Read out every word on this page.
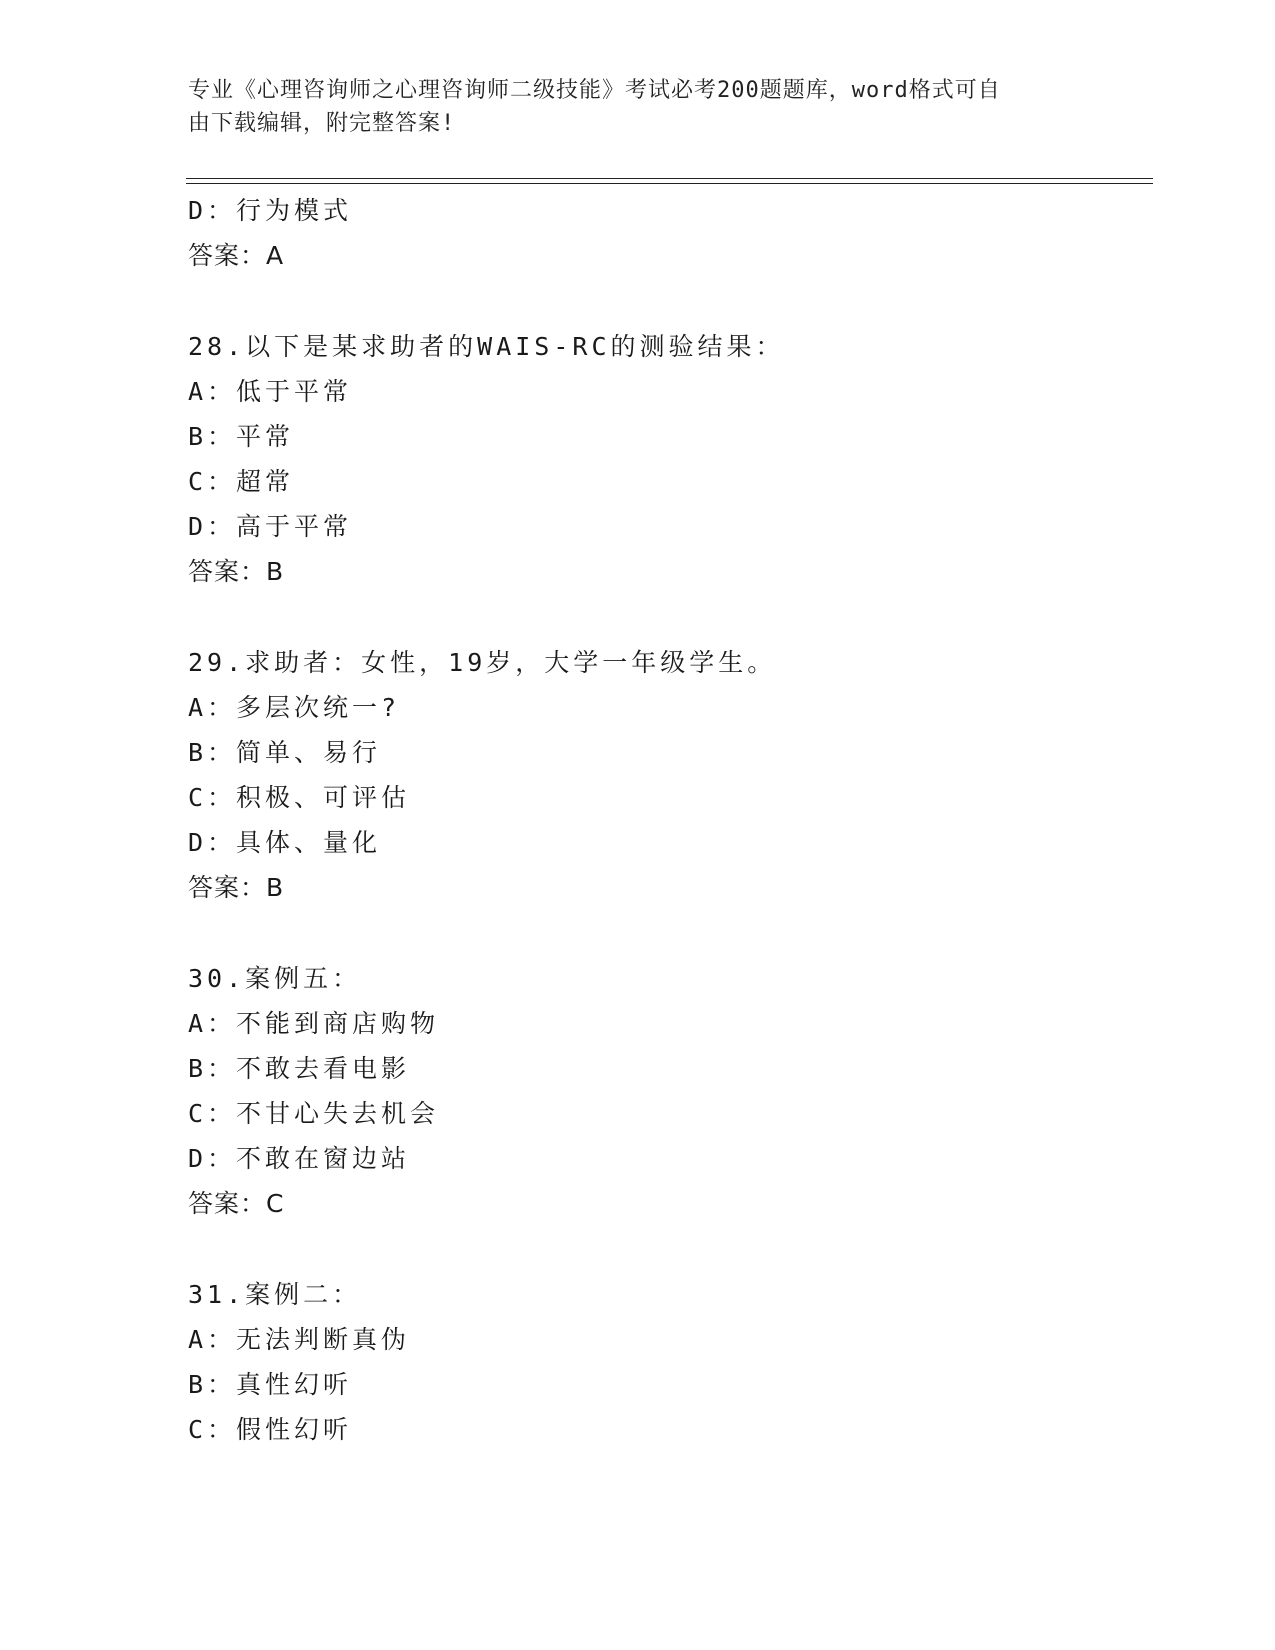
专业《心理咨询师之心理咨询师二级技能》考试必考200题题库，word格式可自
由下载编辑，附完整答案!
D：行为模式
答案：A
28.以下是某求助者的WAIS-RC的测验结果：
A：低于平常
B：平常
C：超常
D：高于平常
答案：B
29.求助者：女性，19岁，大学一年级学生。
A：多层次统一?
B：简单、易行
C：积极、可评估
D：具体、量化
答案：B
30.案例五：
A：不能到商店购物
B：不敢去看电影
C：不甘心失去机会
D：不敢在窗边站
答案：C
31.案例二：
A：无法判断真伪
B：真性幻听
C：假性幻听
